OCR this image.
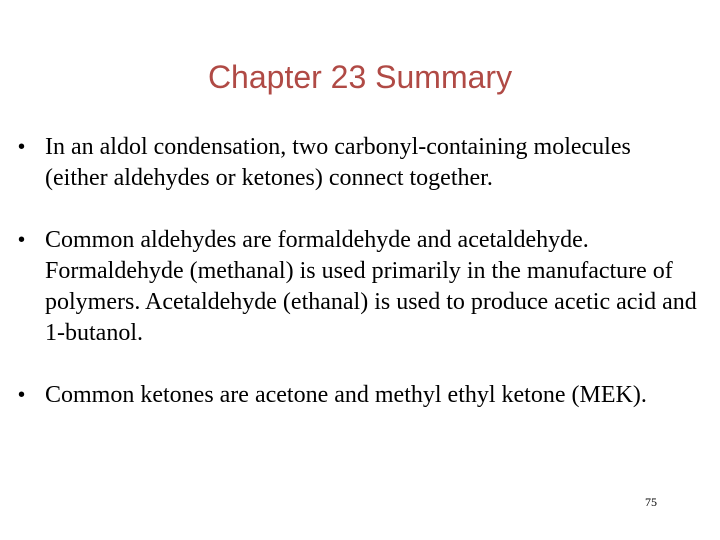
Chapter 23 Summary
• In an aldol condensation, two carbonyl-containing molecules (either aldehydes or ketones) connect together.
• Common aldehydes are formaldehyde and acetaldehyde. Formaldehyde (methanal) is used primarily in the manufacture of polymers. Acetaldehyde (ethanal) is used to produce acetic acid and 1-butanol.
• Common ketones are acetone and methyl ethyl ketone (MEK).
75
